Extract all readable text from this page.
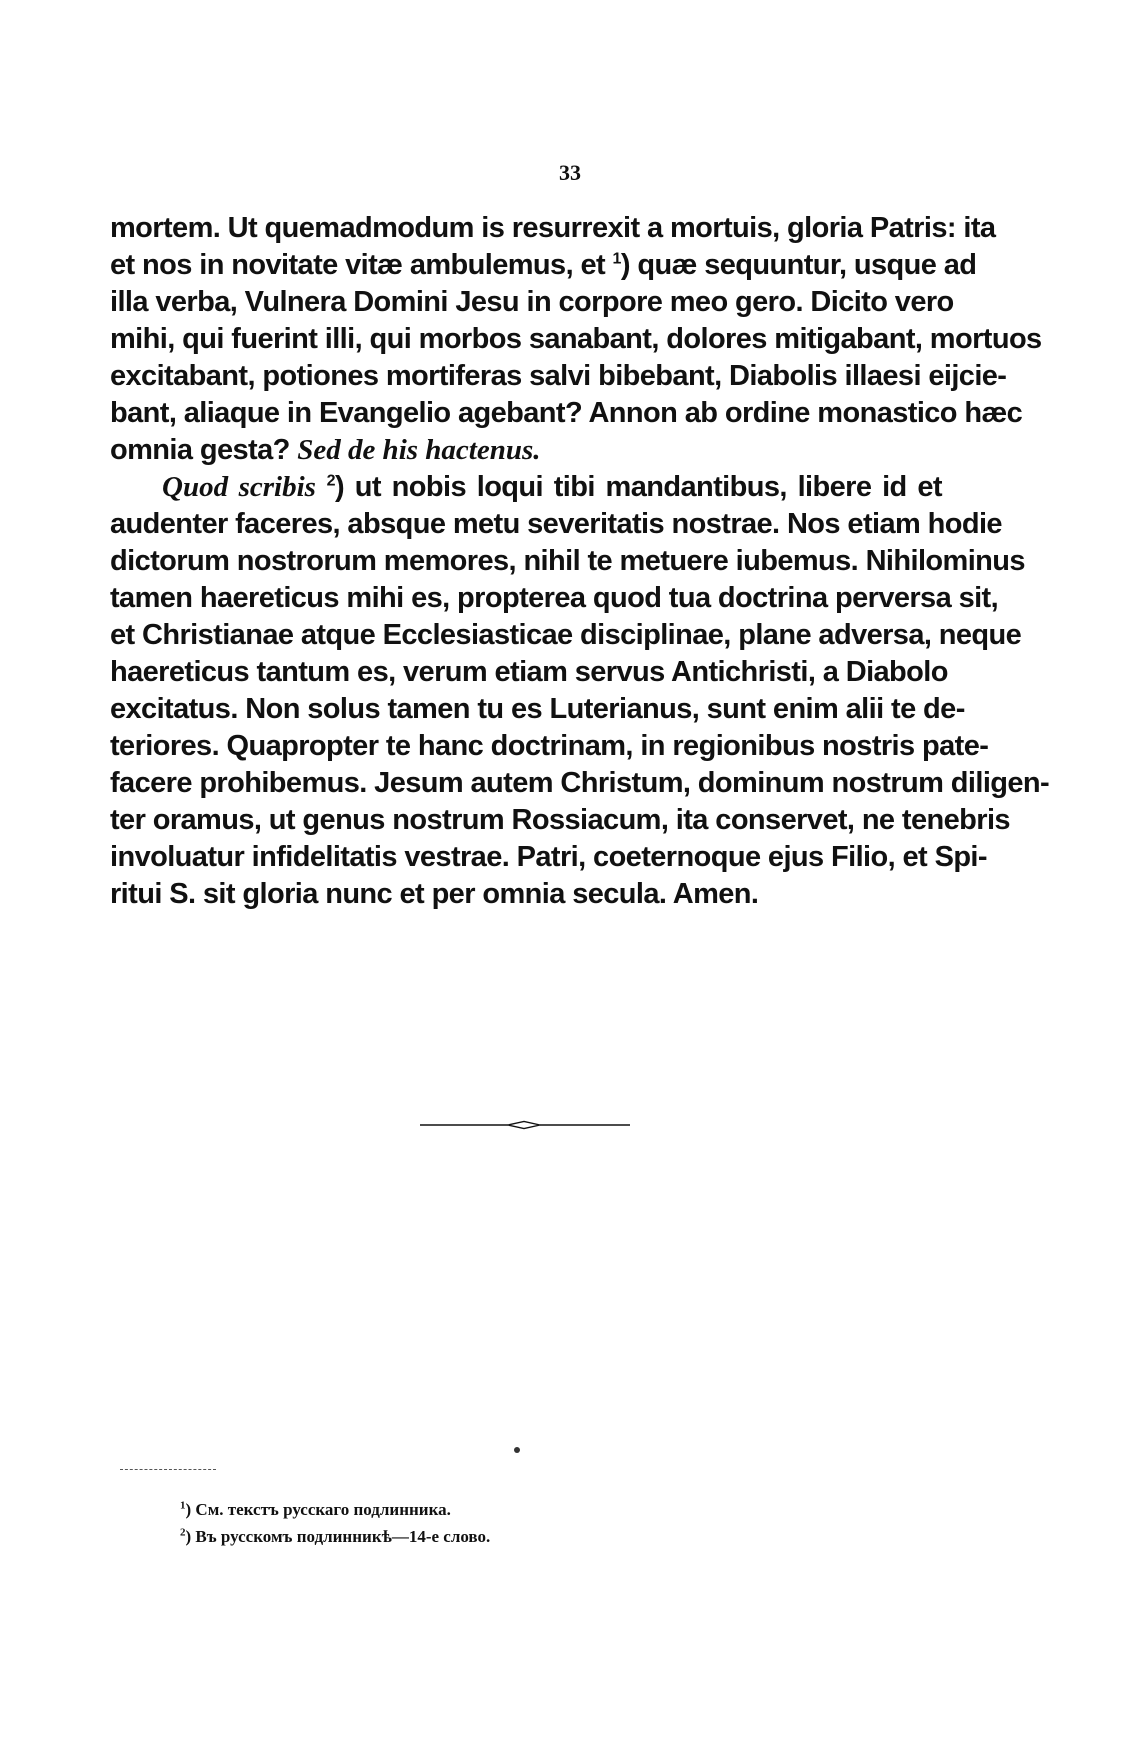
33
mortem. Ut quemadmodum is resurrexit a mortuis, gloria Patris: ita
et nos in novitate vitæ ambulemus, et $^1$) quæ sequuntur, usque ad
illa verba, Vulnera Domini Jesu in corpore meo gero. Dicito vero
mihi, qui fuerint illi, qui morbos sanabant, dolores mitigabant, mortuos
excitabant, potiones mortiferas salvi bibebant, Diabolis illaesi eijcie-
bant, aliaque in Evangelio agebant? Annon ab ordine monastico hæc
omnia gesta? Sed de his hactenus.
Quod scribis $^2$) ut nobis loqui tibi mandantibus, libere id et
audenter faceres, absque metu severitatis nostrae. Nos etiam hodie
dictorum nostrorum memores, nihil te metuere iubemus. Nihilominus
tamen haereticus mihi es, propterea quod tua doctrina perversa sit,
et Christianae atque Ecclesiasticae disciplinae, plane adversa, neque
haereticus tantum es, verum etiam servus Antichristi, a Diabolo
excitatus. Non solus tamen tu es Luterianus, sunt enim alii te de-
teriores. Quapropter te hanc doctrinam, in regionibus nostris pate-
facere prohibemus. Jesum autem Christum, dominum nostrum diligen-
ter oramus, ut genus nostrum Rossiacum, ita conservet, ne tenebris
involuatur infidelitatis vestrae. Patri, coeternoque ejus Filio, et Spi-
ritui S. sit gloria nunc et per omnia secula. Amen.

$^1$) См. текстъ русскаго подлинника.

$^2$) Въ русскомъ подлинникѣ—14-е слово.
